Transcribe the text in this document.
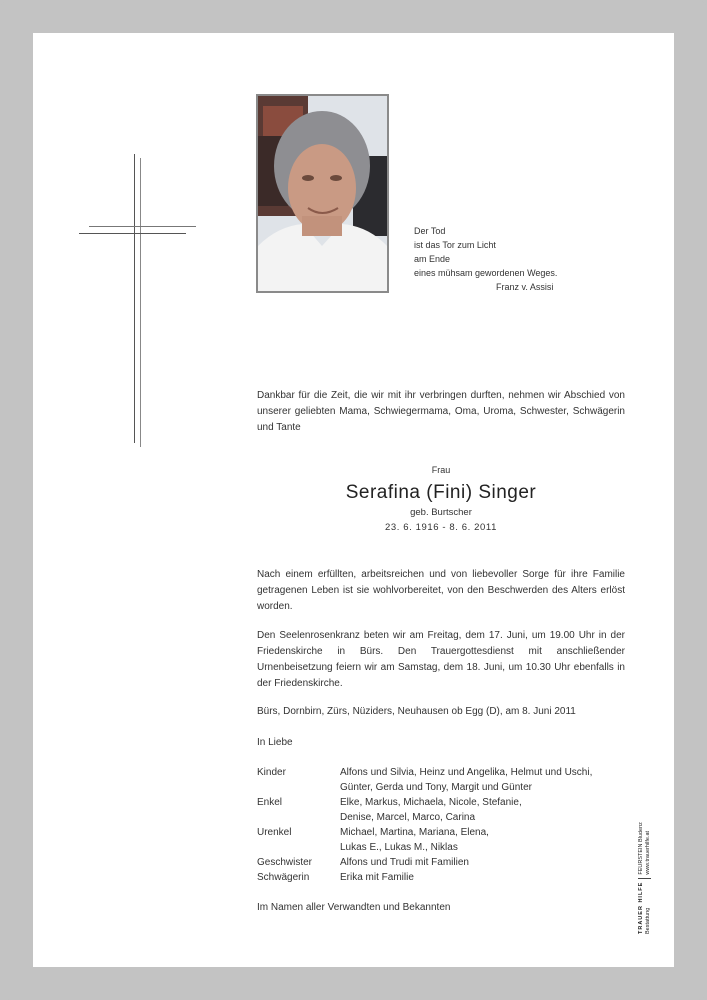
Der Tod
ist das Tor zum Licht
am Ende
eines mühsam gewordenen Weges.
Franz v. Assisi
Dankbar für die Zeit, die wir mit ihr verbringen durften, nehmen wir Abschied von unserer geliebten Mama, Schwiegermama, Oma, Uroma, Schwester, Schwägerin und Tante
Frau
Serafina (Fini) Singer
geb. Burtscher
23. 6. 1916 - 8. 6. 2011
Nach einem erfüllten, arbeitsreichen und von liebevoller Sorge für ihre Familie getragenen Leben ist sie wohlvorbereitet, von den Beschwerden des Alters erlöst worden.
Den Seelenrosenkranz beten wir am Freitag, dem 17. Juni, um 19.00 Uhr in der Friedenskirche in Bürs. Den Trauergottesdienst mit anschließender Urnenbeisetzung feiern wir am Samstag, dem 18. Juni, um 10.30 Uhr ebenfalls in der Friedenskirche.
Bürs, Dornbirn, Zürs, Nüziders, Neuhausen ob Egg (D), am 8. Juni 2011
In Liebe
Kinder	Alfons und Silvia, Heinz und Angelika, Helmut und Uschi,
Günter, Gerda und Tony, Margit und Günter
Enkel	Elke, Markus, Michaela, Nicole, Stefanie,
Denise, Marcel, Marco, Carina
Urenkel	Michael, Martina, Mariana, Elena,
Lukas E., Lukas M., Niklas
Geschwister	Alfons und Trudi mit Familien
Schwägerin	Erika mit Familie
Im Namen aller Verwandten und Bekannten	TRAUER HILFE Bestattung
FEURSTEIN Bludenz www.trauerhilfe.at
